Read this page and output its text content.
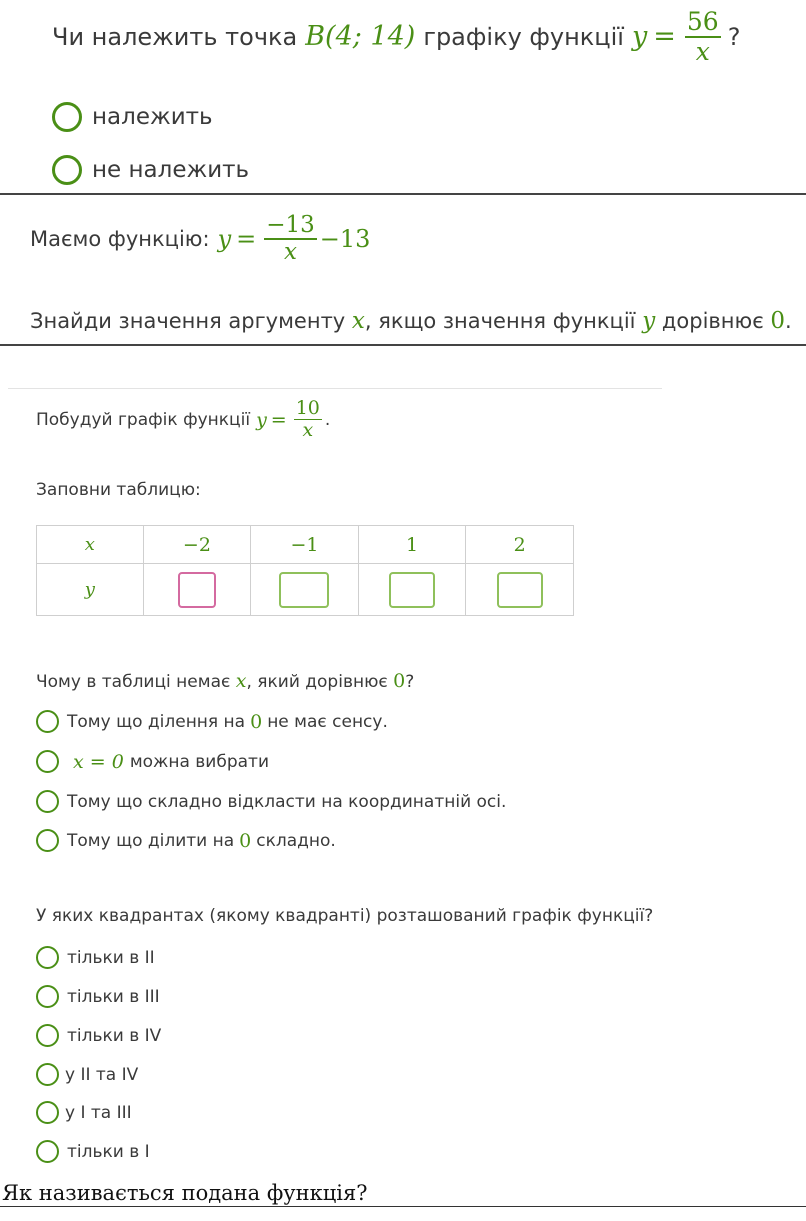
Чи належить точка B(4; 14) графіку функції $y = \frac{56}{x}$ ?
належить
не належить
Маємо функцію: $y = \frac{-13}{x} -13$
Знайди значення аргументу x, якщо значення функції y дорівнює 0.
Побудуй графік функції $y = \frac{10}{x}$ .
Заповни таблицю:
x	−2	−1	1	2
y				
Чому в таблиці немає x, який дорівнює 0?
Тому що ділення на 0 не має сенсу.
x = 0 можна вибрати
Тому що складно відкласти на координатній осі.
Тому що ділити на 0 складно.
У яких квадрантах (якому квадранті) розташований графік функції?
тільки в II
тільки в III
тільки в IV
у II та IV
у I та III
тільки в I
Як називається подана функція?
